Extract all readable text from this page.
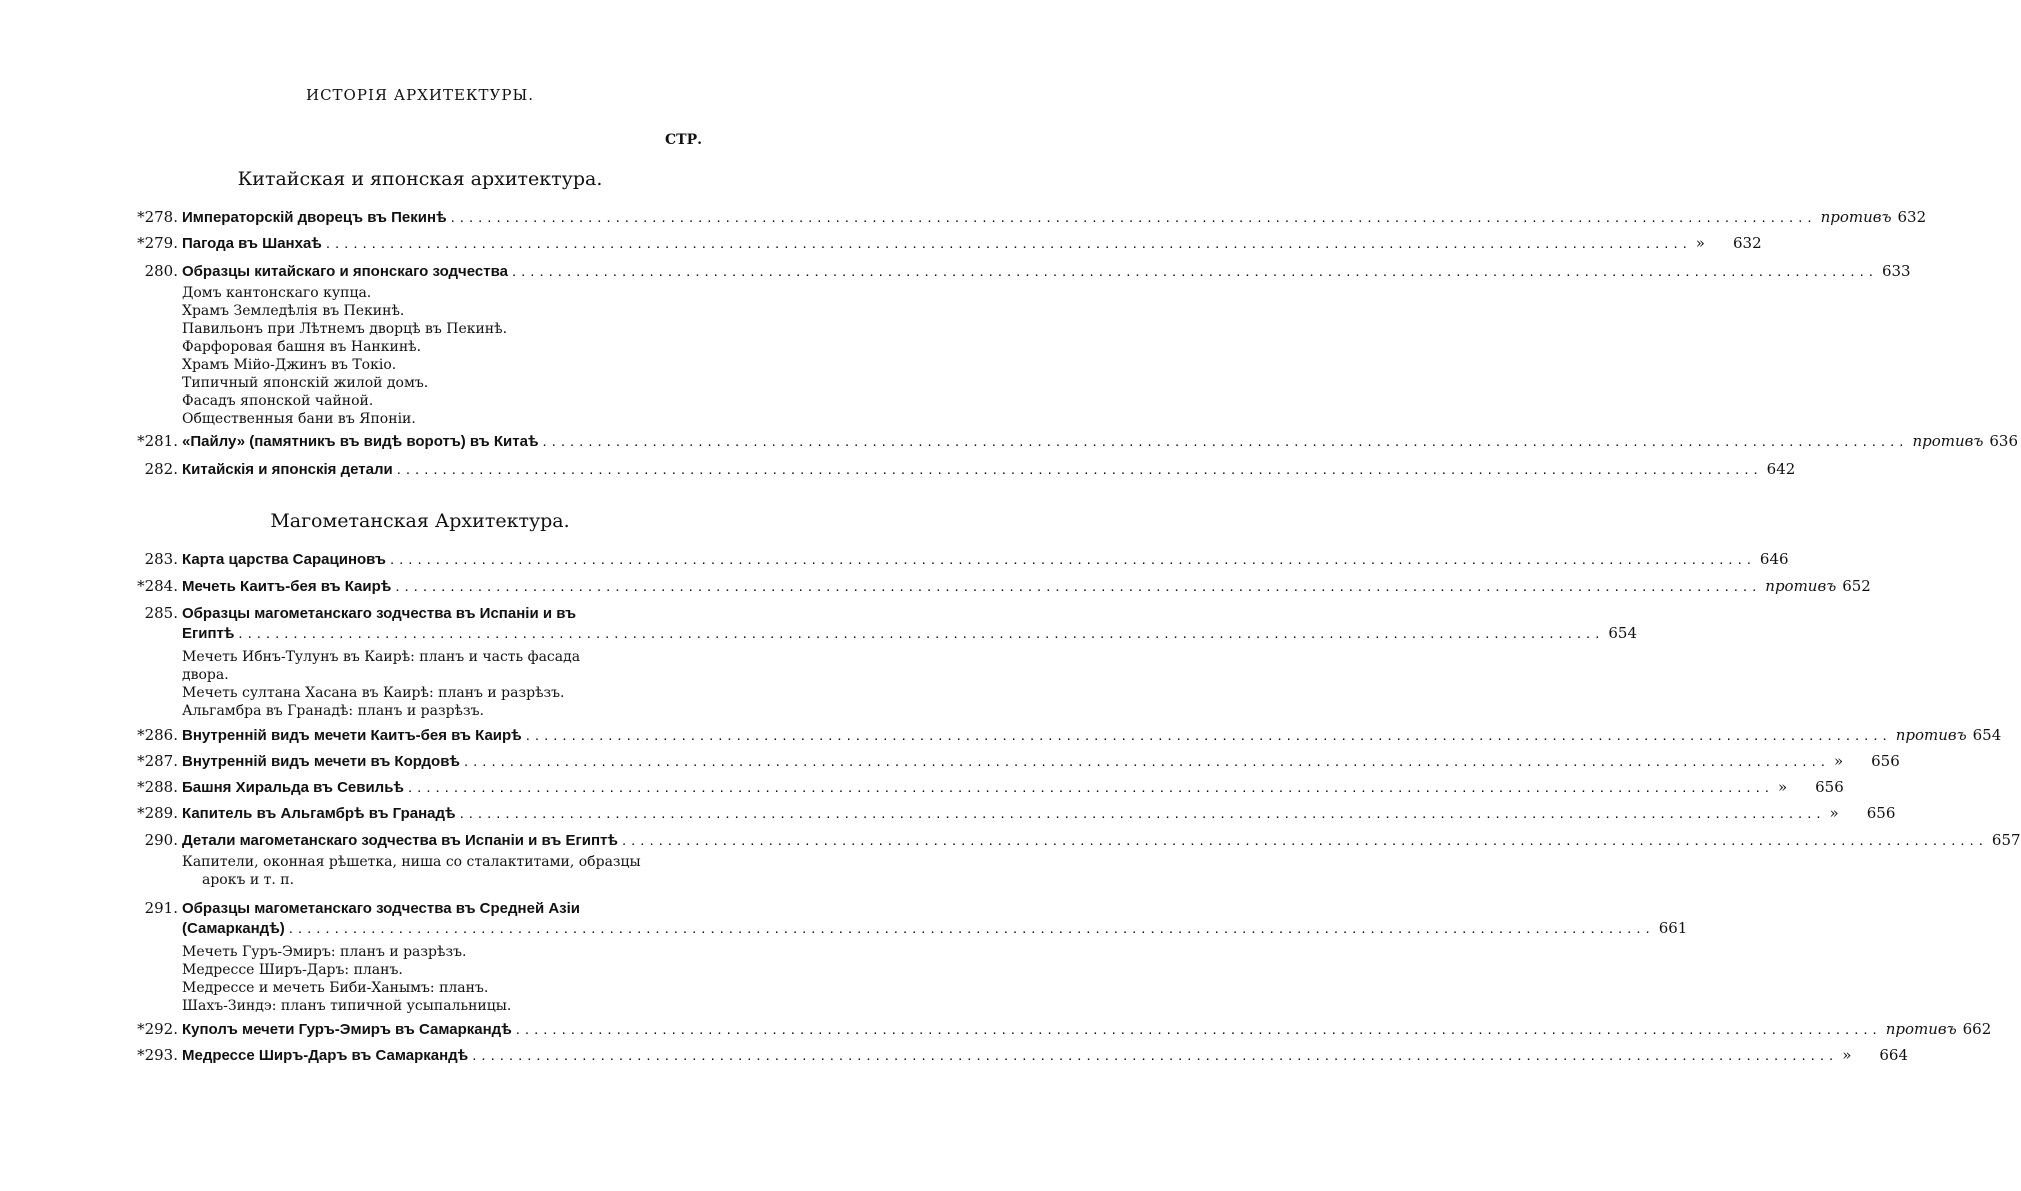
ИСТОРІЯ АРХИТЕКТУРЫ.
СТР.
Китайская и японская архитектура.
*278. Императорскій дворецъ въ Пекинѣ .....	противъ 632
*279. Пагода въ Шанхаѣ .....	» 632
280. Образцы китайскаго и японскаго зодчества .....	633
Домъ кантонскаго купца.
Храмъ Земледѣлія въ Пекинѣ.
Павильонъ при Лѣтнемъ дворцѣ въ Пекинѣ.
Фарфоровая башня въ Нанкинѣ.
Храмъ Мійо-Джинъ въ Токіо.
Типичный японскій жилой домъ.
Фасадъ японской чайной.
Общественныя бани въ Японіи.
*281. «Пайлу» (памятникъ въ видѣ воротъ) въ Китаѣ .....	противъ 636
282. Китайскія и японскія детали .....	642
Магометанская Архитектура.
283. Карта царства Сарациновъ .....	646
*284. Мечеть Каитъ-бея въ Каирѣ .....	противъ 652
285. Образцы магометанскаго зодчества въ Испаніи и въ
Египтѣ .....	654
Мечеть Ибнъ-Тулунъ въ Каирѣ: планъ и часть фасада
двора.
Мечеть султана Хасана въ Каирѣ: планъ и разрѣзъ.
Альгамбра въ Гранадѣ: планъ и разрѣзъ.
*286. Внутренній видъ мечети Каитъ-бея въ Каирѣ .....	противъ 654
*287. Внутренній видъ мечети въ Кордовѣ .....	» 656
*288. Башня Хиральда въ Севильѣ .....	» 656
*289. Капитель въ Альгамбрѣ въ Гранадѣ .....	» 656
290. Детали магометанскаго зодчества въ Испаніи и въ Египтѣ .....	657
Капители, оконная рѣшетка, ниша со сталактитами, образцы
арокъ и т. п.
291. Образцы магометанскаго зодчества въ Средней Азіи
(Самаркандѣ) .....	661
Мечеть Гуръ-Эмиръ: планъ и разрѣзъ.
Медрессе Ширъ-Даръ: планъ.
Медрессе и мечеть Биби-Ханымъ: планъ.
Шахъ-Зиндэ: планъ типичной усыпальницы.
*292. Куполъ мечети Гуръ-Эмиръ въ Самаркандѣ .....	противъ 662
*293. Медрессе Ширъ-Даръ въ Самаркандѣ .....	» 664
